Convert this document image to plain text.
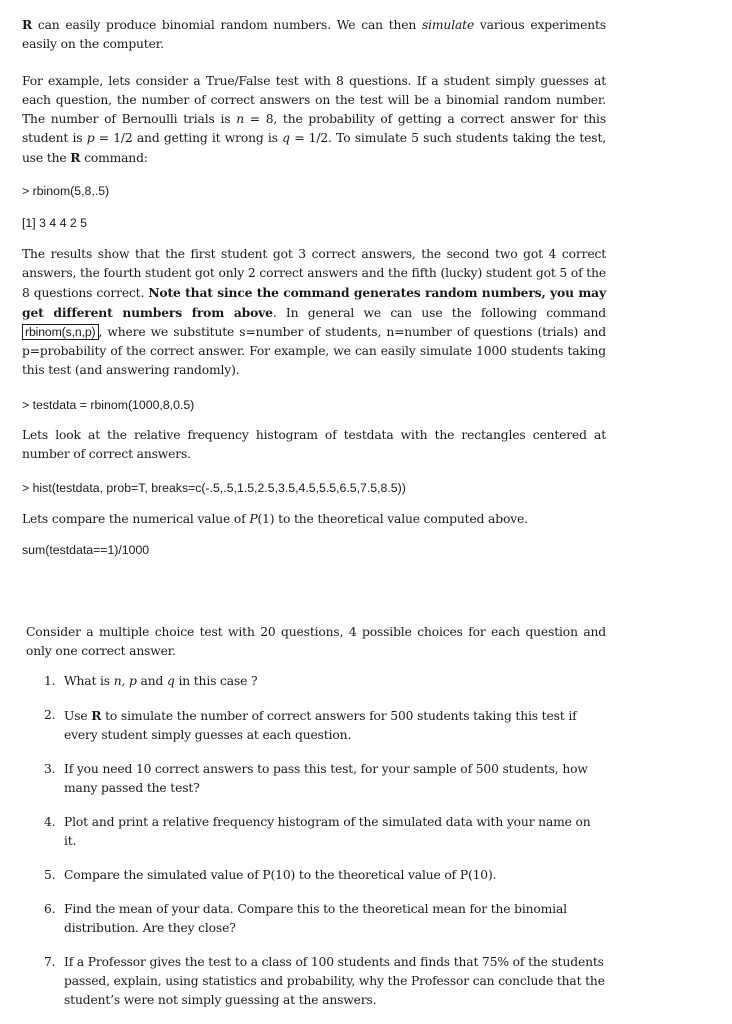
R can easily produce binomial random numbers. We can then simulate various experiments easily on the computer.

For example, lets consider a True/False test with 8 questions. If a student simply guesses at each question, the number of correct answers on the test will be a binomial random number. The number of Bernoulli trials is n = 8, the probability of getting a correct answer for this student is p = 1/2 and getting it wrong is q = 1/2. To simulate 5 such students taking the test, use the R command:

> rbinom(5,8,.5)

[1] 3 4 4 2 5

The results show that the first student got 3 correct answers, the second two got 4 correct answers, the fourth student got only 2 correct answers and the fifth (lucky) student got 5 of the 8 questions correct. Note that since the command generates random numbers, you may get different numbers from above. In general we can use the following command rbinom(s,n,p) , where we substitute s=number of students, n=number of questions (trials) and p=probability of the correct answer. For example, we can easily simulate 1000 students taking this test (and answering randomly).

> testdata = rbinom(1000,8,0.5)

Lets look at the relative frequency histogram of testdata with the rectangles centered at number of correct answers.

> hist(testdata, prob=T, breaks=c(-.5,.5,1.5,2.5,3.5,4.5,5.5,6.5,7.5,8.5))

Lets compare the numerical value of P(1) to the theoretical value computed above.

sum(testdata==1)/1000

Consider a multiple choice test with 20 questions, 4 possible choices for each question and only one correct answer.

1. What is n, p and q in this case ?
2. Use R to simulate the number of correct answers for 500 students taking this test if every student simply guesses at each question.
3. If you need 10 correct answers to pass this test, for your sample of 500 students, how many passed the test?
4. Plot and print a relative frequency histogram of the simulated data with your name on it.
5. Compare the simulated value of P(10) to the theoretical value of P(10).
6. Find the mean of your data. Compare this to the theoretical mean for the binomial distribution. Are they close?
7. If a Professor gives the test to a class of 100 students and finds that 75% of the students passed, explain, using statistics and probability, why the Professor can conclude that the student’s were not simply guessing at the answers.
